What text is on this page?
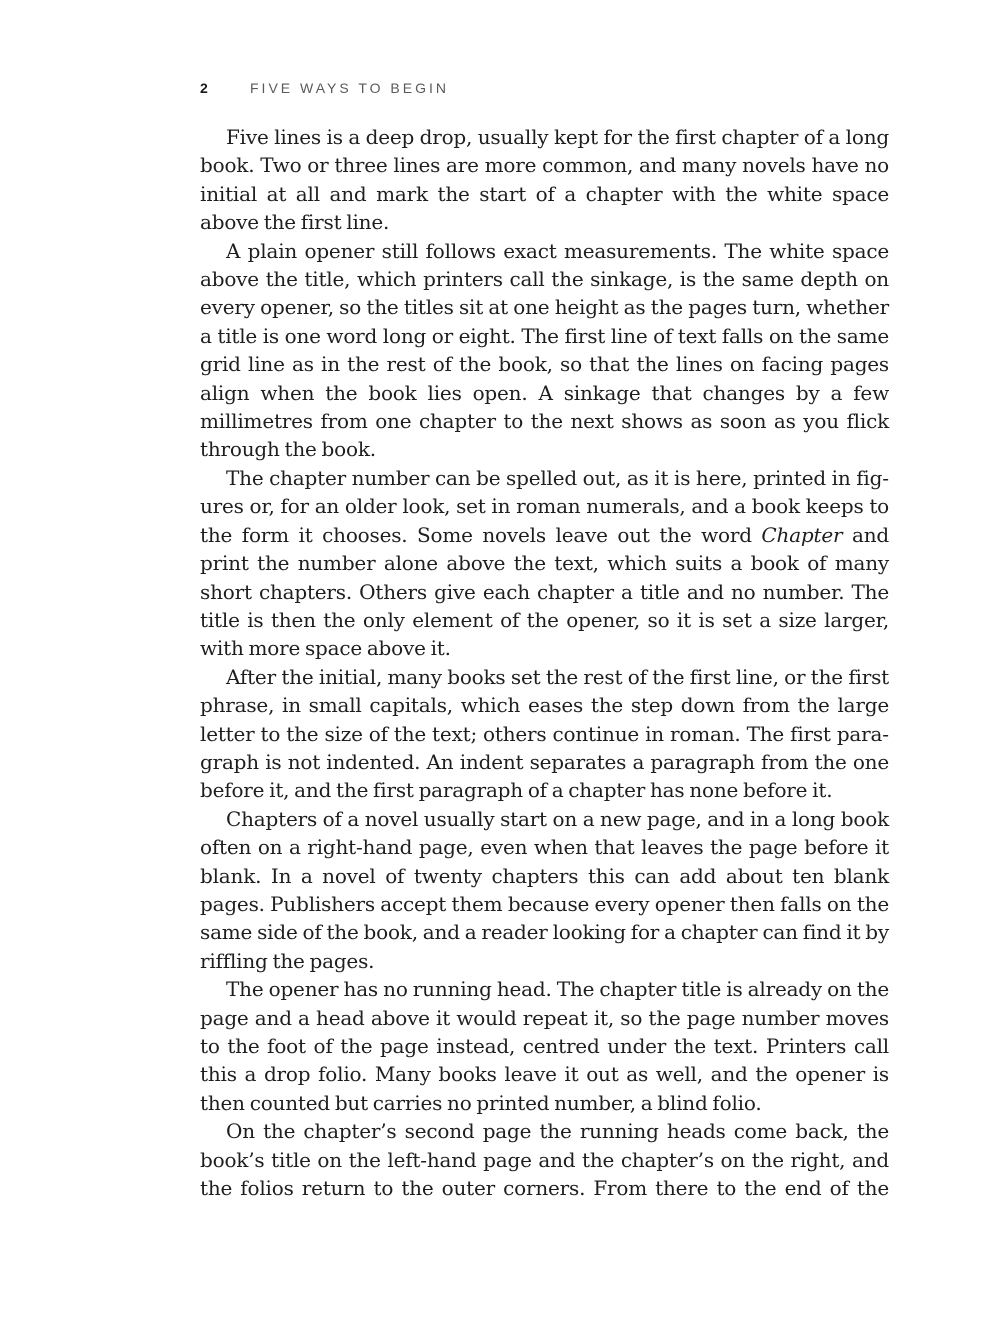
2	FIVE WAYS TO BEGIN

Five lines is a deep drop, usually kept for the first chapter of a long book. Two or three lines are more common, and many novels have no initial at all and mark the start of a chapter with the white space above the first line.

A plain opener still follows exact measurements. The white space above the title, which printers call the sinkage, is the same depth on every opener, so the titles sit at one height as the pages turn, whether a title is one word long or eight. The first line of text falls on the same grid line as in the rest of the book, so that the lines on facing pages align when the book lies open. A sinkage that changes by a few millimetres from one chapter to the next shows as soon as you flick through the book.

The chapter number can be spelled out, as it is here, printed in figures or, for an older look, set in roman numerals, and a book keeps to the form it chooses. Some novels leave out the word Chapter and print the number alone above the text, which suits a book of many short chapters. Others give each chapter a title and no number. The title is then the only element of the opener, so it is set a size larger, with more space above it.

After the initial, many books set the rest of the first line, or the first phrase, in small capitals, which eases the step down from the large letter to the size of the text; others continue in roman. The first paragraph is not indented. An indent separates a paragraph from the one before it, and the first paragraph of a chapter has none before it.

Chapters of a novel usually start on a new page, and in a long book often on a right-hand page, even when that leaves the page before it blank. In a novel of twenty chapters this can add about ten blank pages. Publishers accept them because every opener then falls on the same side of the book, and a reader looking for a chapter can find it by riffling the pages.

The opener has no running head. The chapter title is already on the page and a head above it would repeat it, so the page number moves to the foot of the page instead, centred under the text. Printers call this a drop folio. Many books leave it out as well, and the opener is then counted but carries no printed number, a blind folio.

On the chapter’s second page the running heads come back, the book’s title on the left-hand page and the chapter’s on the right, and the folios return to the outer corners. From there to the end of the
